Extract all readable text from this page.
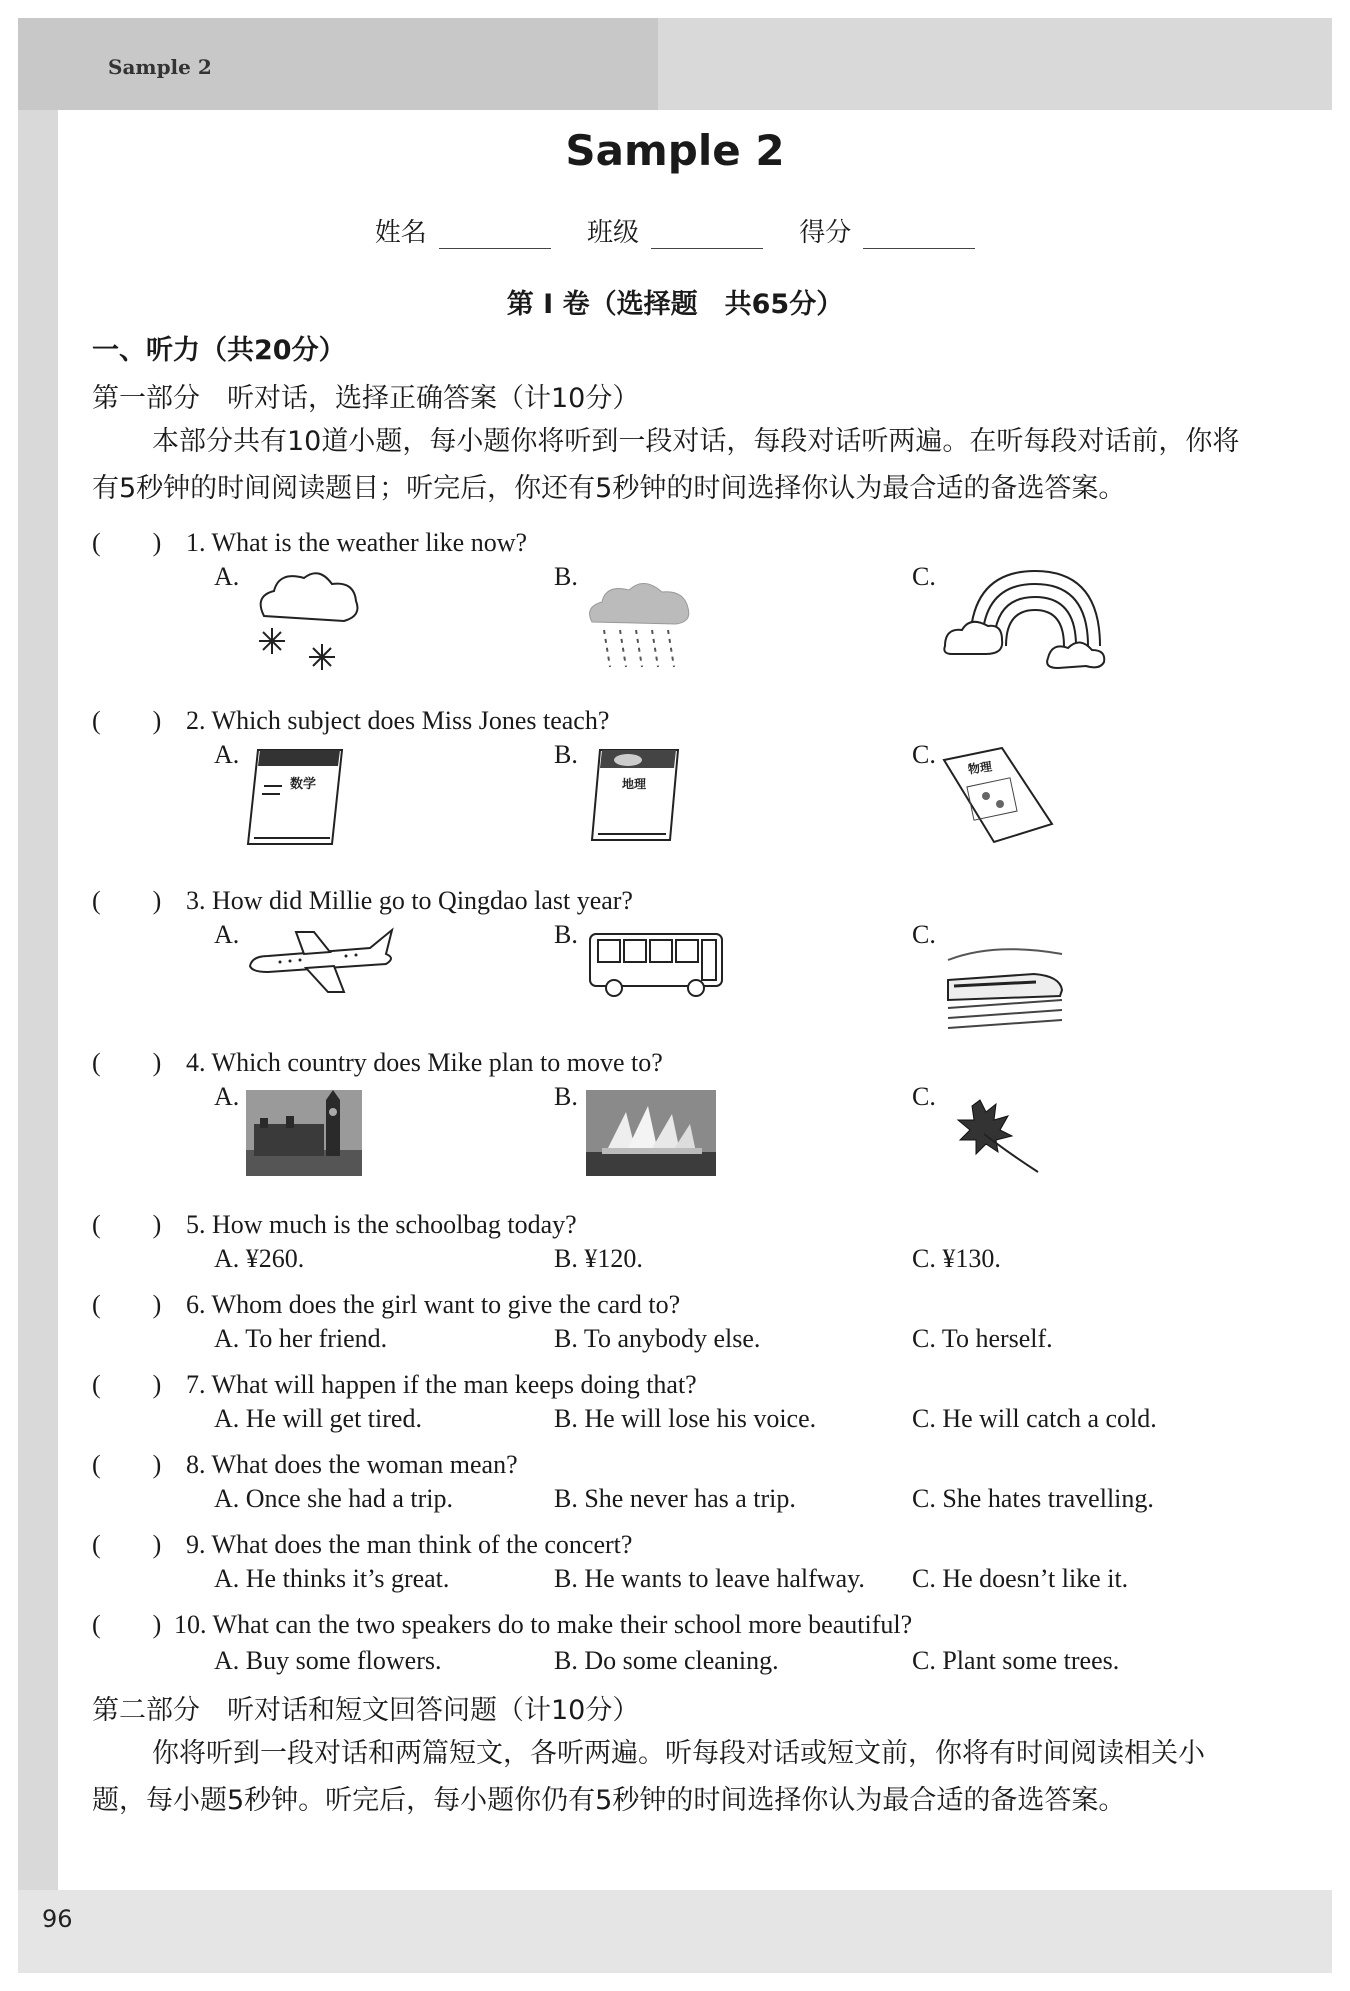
Sample 2
Sample 2
姓名	班级	得分
第 Ⅰ 卷（选择题　共65分）
一、听力（共20分）
第一部分　听对话，选择正确答案（计10分）
本部分共有10道小题，每小题你将听到一段对话，每段对话听两遍。在听每段对话前，你将有5秒钟的时间阅读题目；听完后，你还有5秒钟的时间选择你认为最合适的备选答案。
(　　) 1. What is the weather like now?
A.	B.	C.
(　　) 2. Which subject does Miss Jones teach?
A.	B.	C.
数学	地理
物理
(　　) 3. How did Millie go to Qingdao last year?
A.	B.	C.
(　　) 4. Which country does Mike plan to move to?
A.	B.	C.
(　　) 5. How much is the schoolbag today?
A. ¥260.	B. ¥120.	C. ¥130.
(　　) 6. Whom does the girl want to give the card to?
A. To her friend.	B. To anybody else.	C. To herself.
(　　) 7. What will happen if the man keeps doing that?
A. He will get tired.	B. He will lose his voice.	C. He will catch a cold.
(　　) 8. What does the woman mean?
A. Once she had a trip.	B. She never has a trip.	C. She hates travelling.
(　　) 9. What does the man think of the concert?
A. He thinks it’s great.	B. He wants to leave halfway. C. He doesn’t like it.
(　　) 10. What can the two speakers do to make their school more beautiful?
A. Buy some flowers.	B. Do some cleaning.	C. Plant some trees.
第二部分　听对话和短文回答问题（计10分）
你将听到一段对话和两篇短文，各听两遍。听每段对话或短文前，你将有时间阅读相关小题，每小题5秒钟。听完后，每小题你仍有5秒钟的时间选择你认为最合适的备选答案。
96
